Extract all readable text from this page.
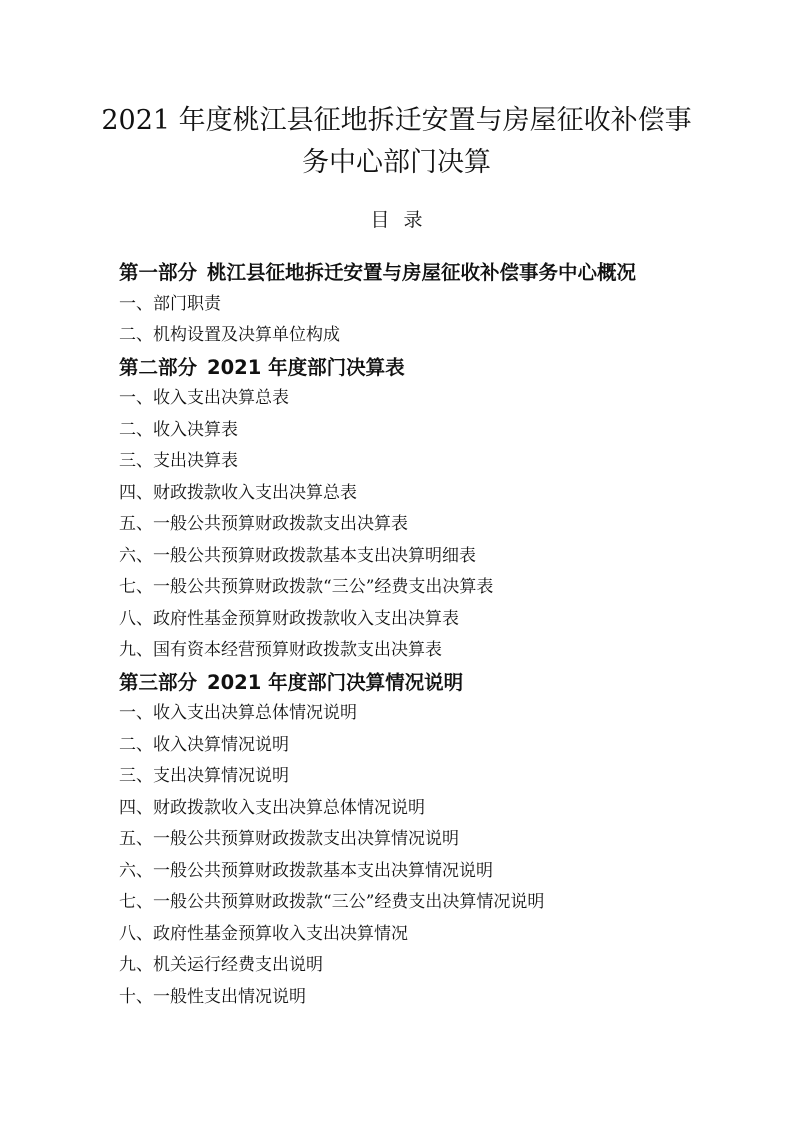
2021 年度桃江县征地拆迁安置与房屋征收补偿事
务中心部门决算
目录
第一部分 桃江县征地拆迁安置与房屋征收补偿事务中心概况
一、部门职责
二、机构设置及决算单位构成
第二部分 2021 年度部门决算表
一、收入支出决算总表
二、收入决算表
三、支出决算表
四、财政拨款收入支出决算总表
五、一般公共预算财政拨款支出决算表
六、一般公共预算财政拨款基本支出决算明细表
七、一般公共预算财政拨款“三公”经费支出决算表
八、政府性基金预算财政拨款收入支出决算表
九、国有资本经营预算财政拨款支出决算表
第三部分 2021 年度部门决算情况说明
一、收入支出决算总体情况说明
二、收入决算情况说明
三、支出决算情况说明
四、财政拨款收入支出决算总体情况说明
五、一般公共预算财政拨款支出决算情况说明
六、一般公共预算财政拨款基本支出决算情况说明
七、一般公共预算财政拨款“三公”经费支出决算情况说明
八、政府性基金预算收入支出决算情况
九、机关运行经费支出说明
十、一般性支出情况说明
